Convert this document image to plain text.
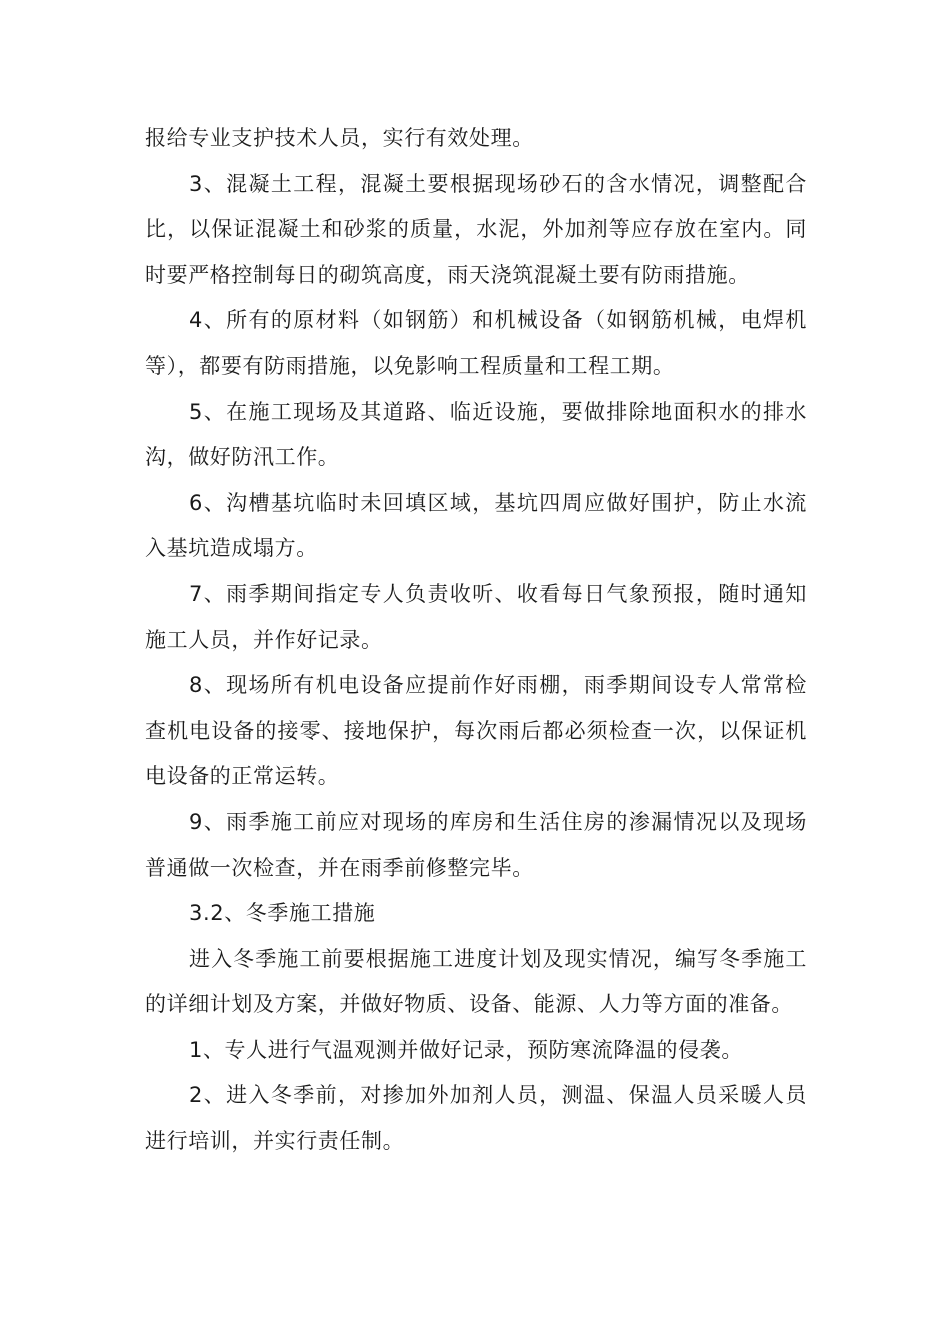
报给专业支护技术人员，实行有效处理。

3、混凝土工程，混凝土要根据现场砂石的含水情况，调整配合比，以保证混凝土和砂浆的质量，水泥，外加剂等应存放在室内。同时要严格控制每日的砌筑高度，雨天浇筑混凝土要有防雨措施。

4、所有的原材料（如钢筋）和机械设备（如钢筋机械，电焊机等），都要有防雨措施，以免影响工程质量和工程工期。

5、在施工现场及其道路、临近设施，要做排除地面积水的排水沟，做好防汛工作。

6、沟槽基坑临时未回填区域，基坑四周应做好围护，防止水流入基坑造成塌方。

7、雨季期间指定专人负责收听、收看每日气象预报，随时通知施工人员，并作好记录。

8、现场所有机电设备应提前作好雨棚，雨季期间设专人常常检查机电设备的接零、接地保护，每次雨后都必须检查一次，以保证机电设备的正常运转。

9、雨季施工前应对现场的库房和生活住房的渗漏情况以及现场普通做一次检查，并在雨季前修整完毕。

3.2、冬季施工措施

进入冬季施工前要根据施工进度计划及现实情况，编写冬季施工的详细计划及方案，并做好物质、设备、能源、人力等方面的准备。

1、专人进行气温观测并做好记录，预防寒流降温的侵袭。

2、进入冬季前，对掺加外加剂人员，测温、保温人员采暖人员进行培训，并实行责任制。
